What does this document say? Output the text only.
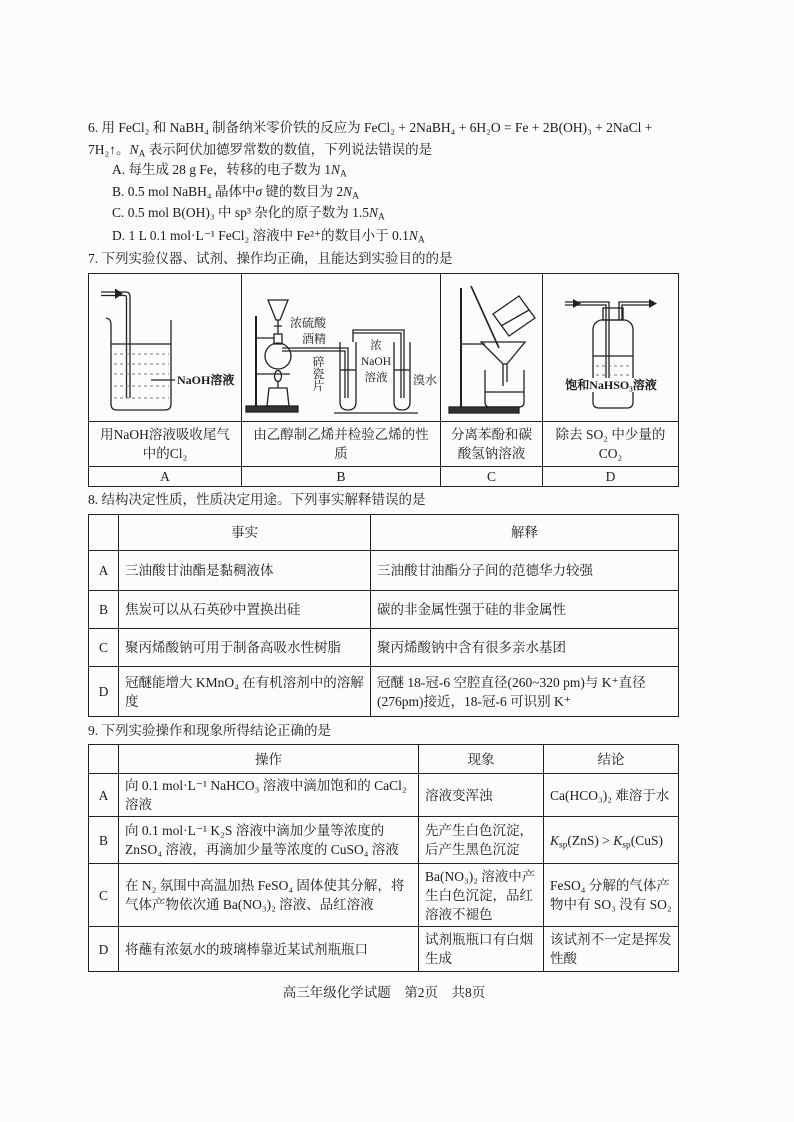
6. 用 FeCl₂ 和 NaBH₄ 制备纳米零价铁的反应为 FeCl₂ + 2NaBH₄ + 6H₂O = Fe + 2B(OH)₃ + 2NaCl +
7H₂↑。$N_A$ 表示阿伏加德罗常数的数值，下列说法错误的是
A. 每生成 28 g Fe，转移的电子数为 $1N_A$
B. 0.5 mol NaBH₄ 晶体中σ 键的数目为 $2N_A$
C. 0.5 mol B(OH)₃ 中 sp³ 杂化的原子数为 $1.5N_A$
D. 1 L 0.1 mol·L⁻¹ FeCl₂ 溶液中 Fe²⁺的数目小于 $0.1N_A$
7. 下列实验仪器、试剂、操作均正确，且能达到实验目的的是
NaOH溶液	浓硫酸
酒精
碎瓷片
浓NaOH溶液 溴水		饱和NaHSO₃溶液

用NaOH溶液吸收尾气中的Cl₂	由乙醇制乙烯并检验乙烯的性质	分离苯酚和碳酸氢钠溶液	除去 SO₂ 中少量的 CO₂
A	B	C	D
8. 结构决定性质，性质决定用途。下列事实解释错误的是
	事实	解释
A	三油酸甘油酯是黏稠液体	三油酸甘油酯分子间的范德华力较强
B	焦炭可以从石英砂中置换出硅	碳的非金属性强于硅的非金属性
C	聚丙烯酸钠可用于制备高吸水性树脂	聚丙烯酸钠中含有很多亲水基团
D	冠醚能增大 KMnO₄ 在有机溶剂中的溶解度	冠醚 18-冠-6 空腔直径(260~320 pm)与 K⁺直径(276pm)接近，18-冠-6 可识别 K⁺
9. 下列实验操作和现象所得结论正确的是
	操作	现象	结论
A	向 0.1 mol·L⁻¹ NaHCO₃ 溶液中滴加饱和的 CaCl₂ 溶液	溶液变浑浊	Ca(HCO₃)₂ 难溶于水
B	向 0.1 mol·L⁻¹ K₂S 溶液中滴加少量等浓度的 ZnSO₄ 溶液，再滴加少量等浓度的 CuSO₄ 溶液	先产生白色沉淀，后产生黑色沉淀	$K_{sp}(ZnS) > K_{sp}(CuS)$
C	在 N₂ 氛围中高温加热 FeSO₄ 固体使其分解，将气体产物依次通 Ba(NO₃)₂ 溶液、品红溶液	Ba(NO₃)₂ 溶液中产生白色沉淀，品红溶液不褪色	FeSO₄ 分解的气体产物中有 SO₃ 没有 SO₂
D	将蘸有浓氨水的玻璃棒靠近某试剂瓶瓶口	试剂瓶瓶口有白烟生成	该试剂不一定是挥发性酸
高三年级化学试题　第2页　共8页
